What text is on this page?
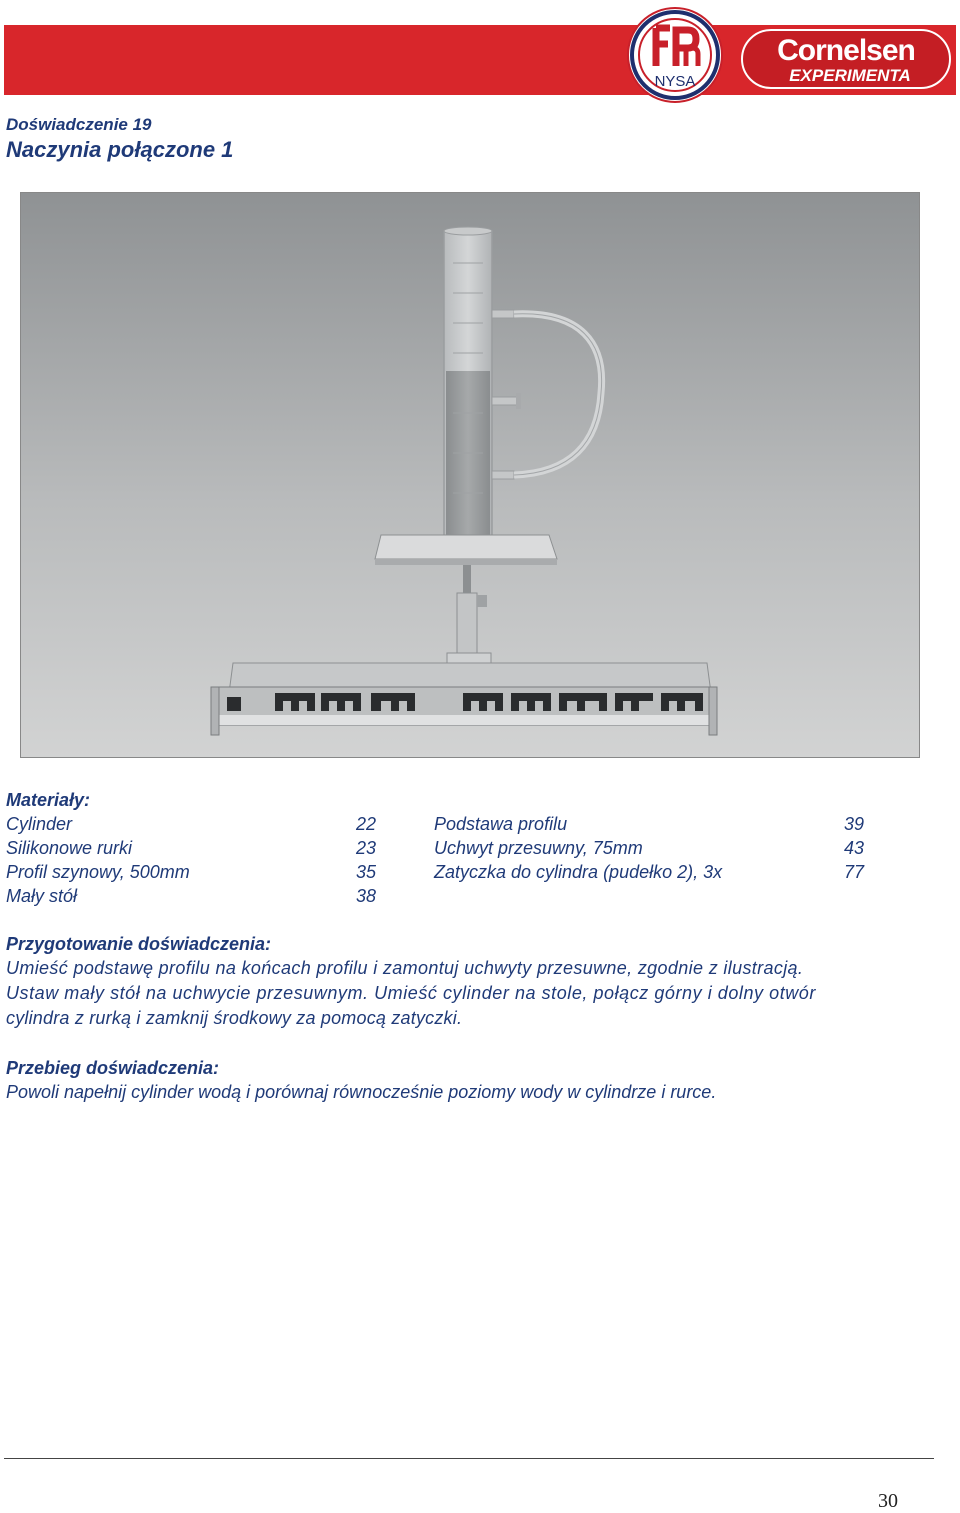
NYSA
Cornelsen
EXPERIMENTA
Doświadczenie 19
Naczynia połączone 1
Materiały:
Cylinder	22
Silikonowe rurki	23
Profil szynowy, 500mm	35
Mały stół	38
Podstawa profilu	39
Uchwyt przesuwny, 75mm	43
Zatyczka do cylindra (pudełko 2), 3x	77
Przygotowanie doświadczenia:
Umieść podstawę profilu na końcach profilu i zamontuj uchwyty przesuwne, zgodnie z ilustracją.
Ustaw mały stół na uchwycie przesuwnym. Umieść cylinder na stole, połącz górny i dolny otwór
cylindra z rurką i zamknij środkowy za pomocą zatyczki.
Przebieg doświadczenia:
Powoli napełnij cylinder wodą i porównaj równocześnie poziomy wody w cylindrze i rurce.
30
